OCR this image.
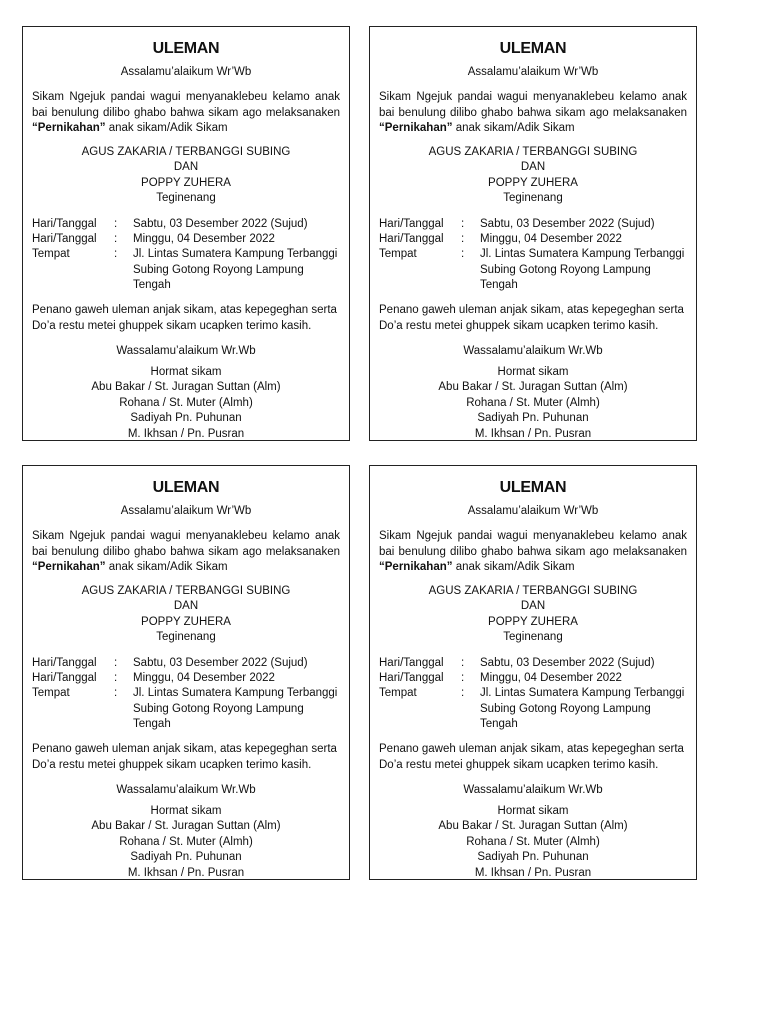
ULEMAN
Assalamu’alaikum Wr’Wb
Sikam Ngejuk pandai wagui menyanaklebeu kelamo anak bai benulung dilibo ghabo bahwa sikam ago melaksanaken “Pernikahan” anak sikam/Adik Sikam
AGUS ZAKARIA / TERBANGGI SUBING
DAN
POPPY ZUHERA
Teginenang
Hari/Tanggal	:	Sabtu, 03 Desember 2022 (Sujud)
Hari/Tanggal	:	Minggu, 04 Desember 2022
Tempat	:	Jl. Lintas Sumatera Kampung Terbanggi Subing Gotong Royong Lampung Tengah
Penano gaweh uleman anjak sikam, atas kepegeghan serta
Do’a restu metei ghuppek sikam ucapken terimo kasih.
Wassalamu’alaikum Wr.Wb
Hormat sikam
Abu Bakar / St. Juragan Suttan (Alm)
Rohana / St. Muter (Almh)
Sadiyah Pn. Puhunan
M. Ikhsan / Pn. Pusran
ULEMAN
Assalamu’alaikum Wr’Wb
Sikam Ngejuk pandai wagui menyanaklebeu kelamo anak bai benulung dilibo ghabo bahwa sikam ago melaksanaken “Pernikahan” anak sikam/Adik Sikam
AGUS ZAKARIA / TERBANGGI SUBING
DAN
POPPY ZUHERA
Teginenang
Hari/Tanggal	:	Sabtu, 03 Desember 2022 (Sujud)
Hari/Tanggal	:	Minggu, 04 Desember 2022
Tempat	:	Jl. Lintas Sumatera Kampung Terbanggi Subing Gotong Royong Lampung Tengah
Penano gaweh uleman anjak sikam, atas kepegeghan serta
Do’a restu metei ghuppek sikam ucapken terimo kasih.
Wassalamu’alaikum Wr.Wb
Hormat sikam
Abu Bakar / St. Juragan Suttan (Alm)
Rohana / St. Muter (Almh)
Sadiyah Pn. Puhunan
M. Ikhsan / Pn. Pusran
ULEMAN
Assalamu’alaikum Wr’Wb
Sikam Ngejuk pandai wagui menyanaklebeu kelamo anak bai benulung dilibo ghabo bahwa sikam ago melaksanaken “Pernikahan” anak sikam/Adik Sikam
AGUS ZAKARIA / TERBANGGI SUBING
DAN
POPPY ZUHERA
Teginenang
Hari/Tanggal	:	Sabtu, 03 Desember 2022 (Sujud)
Hari/Tanggal	:	Minggu, 04 Desember 2022
Tempat	:	Jl. Lintas Sumatera Kampung Terbanggi Subing Gotong Royong Lampung Tengah
Penano gaweh uleman anjak sikam, atas kepegeghan serta
Do’a restu metei ghuppek sikam ucapken terimo kasih.
Wassalamu’alaikum Wr.Wb
Hormat sikam
Abu Bakar / St. Juragan Suttan (Alm)
Rohana / St. Muter (Almh)
Sadiyah Pn. Puhunan
M. Ikhsan / Pn. Pusran
ULEMAN
Assalamu’alaikum Wr’Wb
Sikam Ngejuk pandai wagui menyanaklebeu kelamo anak bai benulung dilibo ghabo bahwa sikam ago melaksanaken “Pernikahan” anak sikam/Adik Sikam
AGUS ZAKARIA / TERBANGGI SUBING
DAN
POPPY ZUHERA
Teginenang
Hari/Tanggal	:	Sabtu, 03 Desember 2022 (Sujud)
Hari/Tanggal	:	Minggu, 04 Desember 2022
Tempat	:	Jl. Lintas Sumatera Kampung Terbanggi Subing Gotong Royong Lampung Tengah
Penano gaweh uleman anjak sikam, atas kepegeghan serta
Do’a restu metei ghuppek sikam ucapken terimo kasih.
Wassalamu’alaikum Wr.Wb
Hormat sikam
Abu Bakar / St. Juragan Suttan (Alm)
Rohana / St. Muter (Almh)
Sadiyah Pn. Puhunan
M. Ikhsan / Pn. Pusran
